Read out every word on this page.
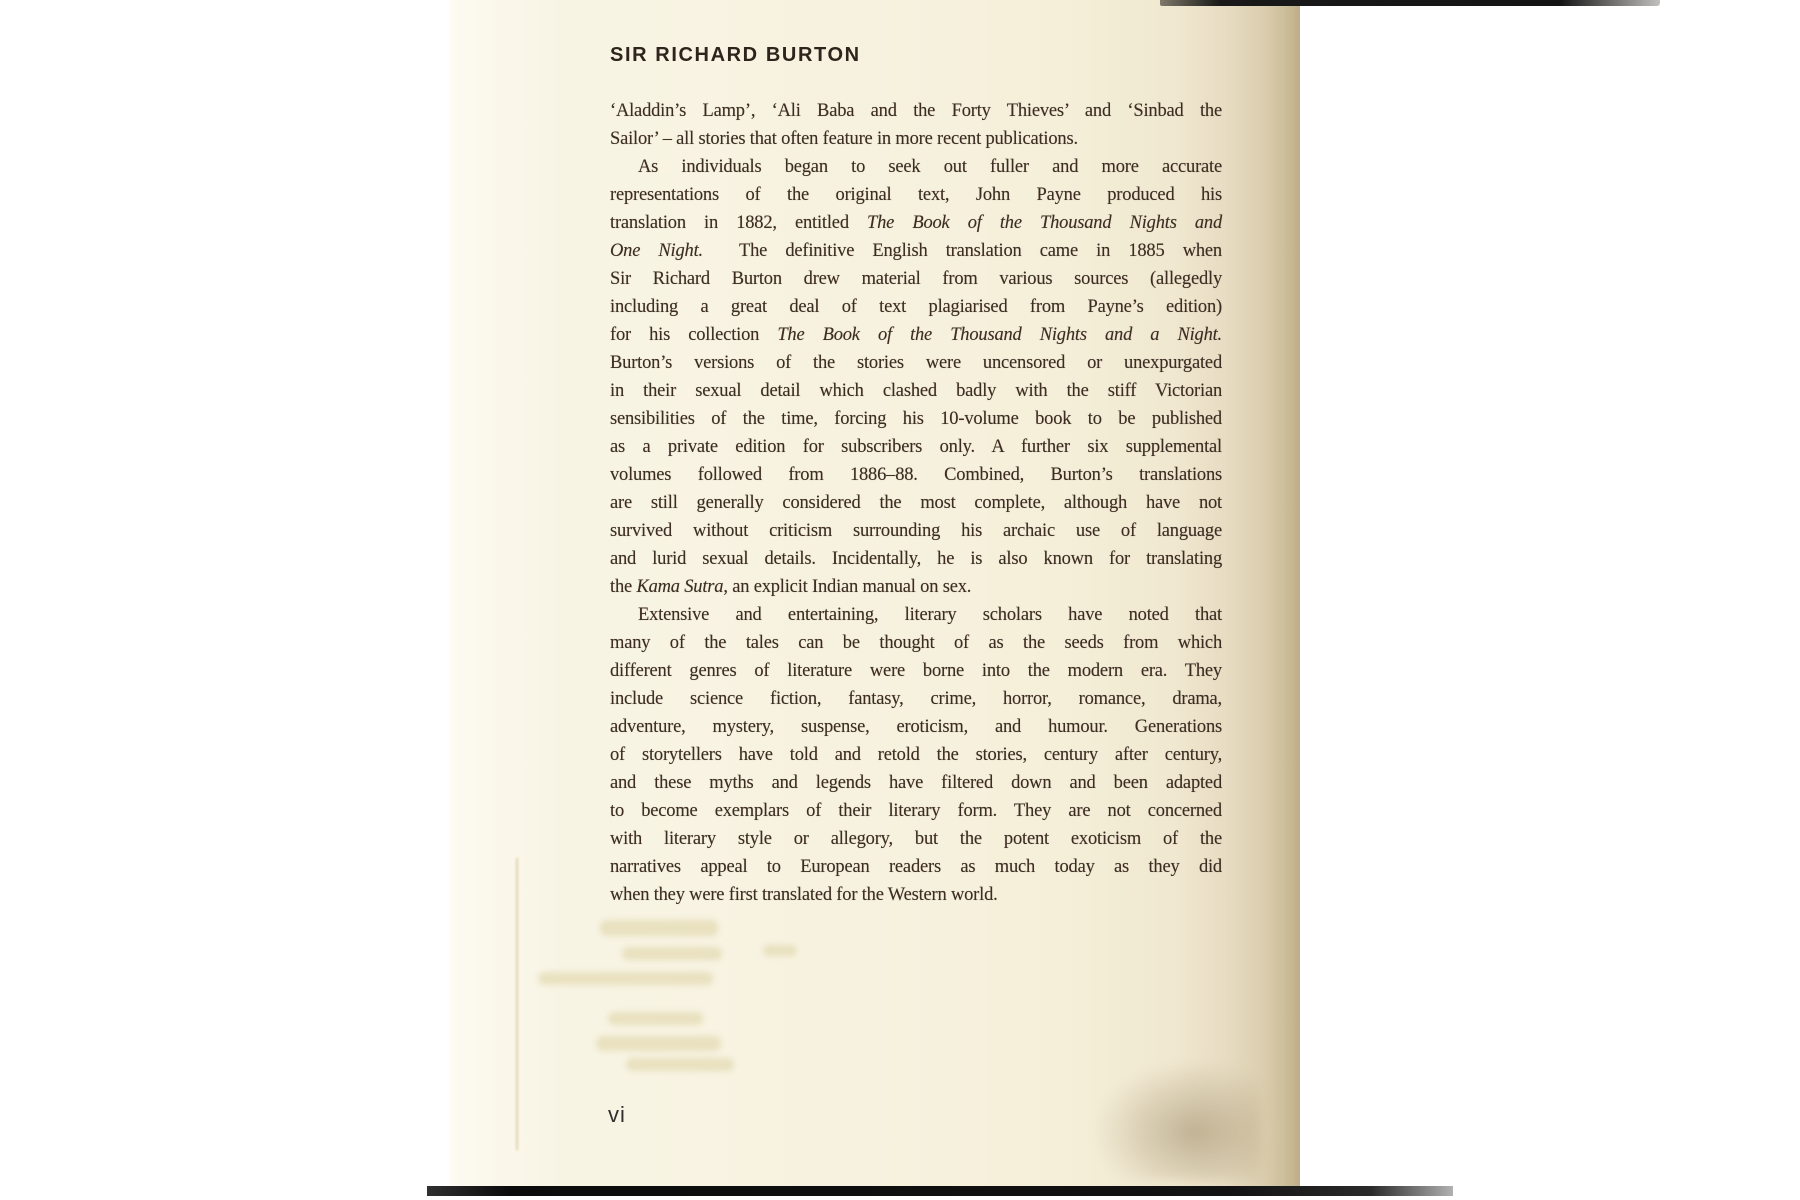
SIR RICHARD BURTON
‘Aladdin’s Lamp’, ‘Ali Baba and the Forty Thieves’ and ‘Sinbad the
Sailor’ – all stories that often feature in more recent publications.
As individuals began to seek out fuller and more accurate
representations of the original text, John Payne produced his
translation in 1882, entitled The Book of the Thousand Nights and
One Night.  The definitive English translation came in 1885 when
Sir Richard Burton drew material from various sources (allegedly
including a great deal of text plagiarised from Payne’s edition)
for his collection The Book of the Thousand Nights and a Night.
Burton’s versions of the stories were uncensored or unexpurgated
in their sexual detail which clashed badly with the stiff Victorian
sensibilities of the time, forcing his 10-volume book to be published
as a private edition for subscribers only. A further six supplemental
volumes followed from 1886–88. Combined, Burton’s translations
are still generally considered the most complete, although have not
survived without criticism surrounding his archaic use of language
and lurid sexual details. Incidentally, he is also known for translating
the Kama Sutra, an explicit Indian manual on sex.
Extensive and entertaining, literary scholars have noted that
many of the tales can be thought of as the seeds from which
different genres of literature were borne into the modern era. They
include science fiction, fantasy, crime, horror, romance, drama,
adventure, mystery, suspense, eroticism, and humour. Generations
of storytellers have told and retold the stories, century after century,
and these myths and legends have filtered down and been adapted
to become exemplars of their literary form. They are not concerned
with literary style or allegory, but the potent exoticism of the
narratives appeal to European readers as much today as they did
when they were first translated for the Western world.
vi
